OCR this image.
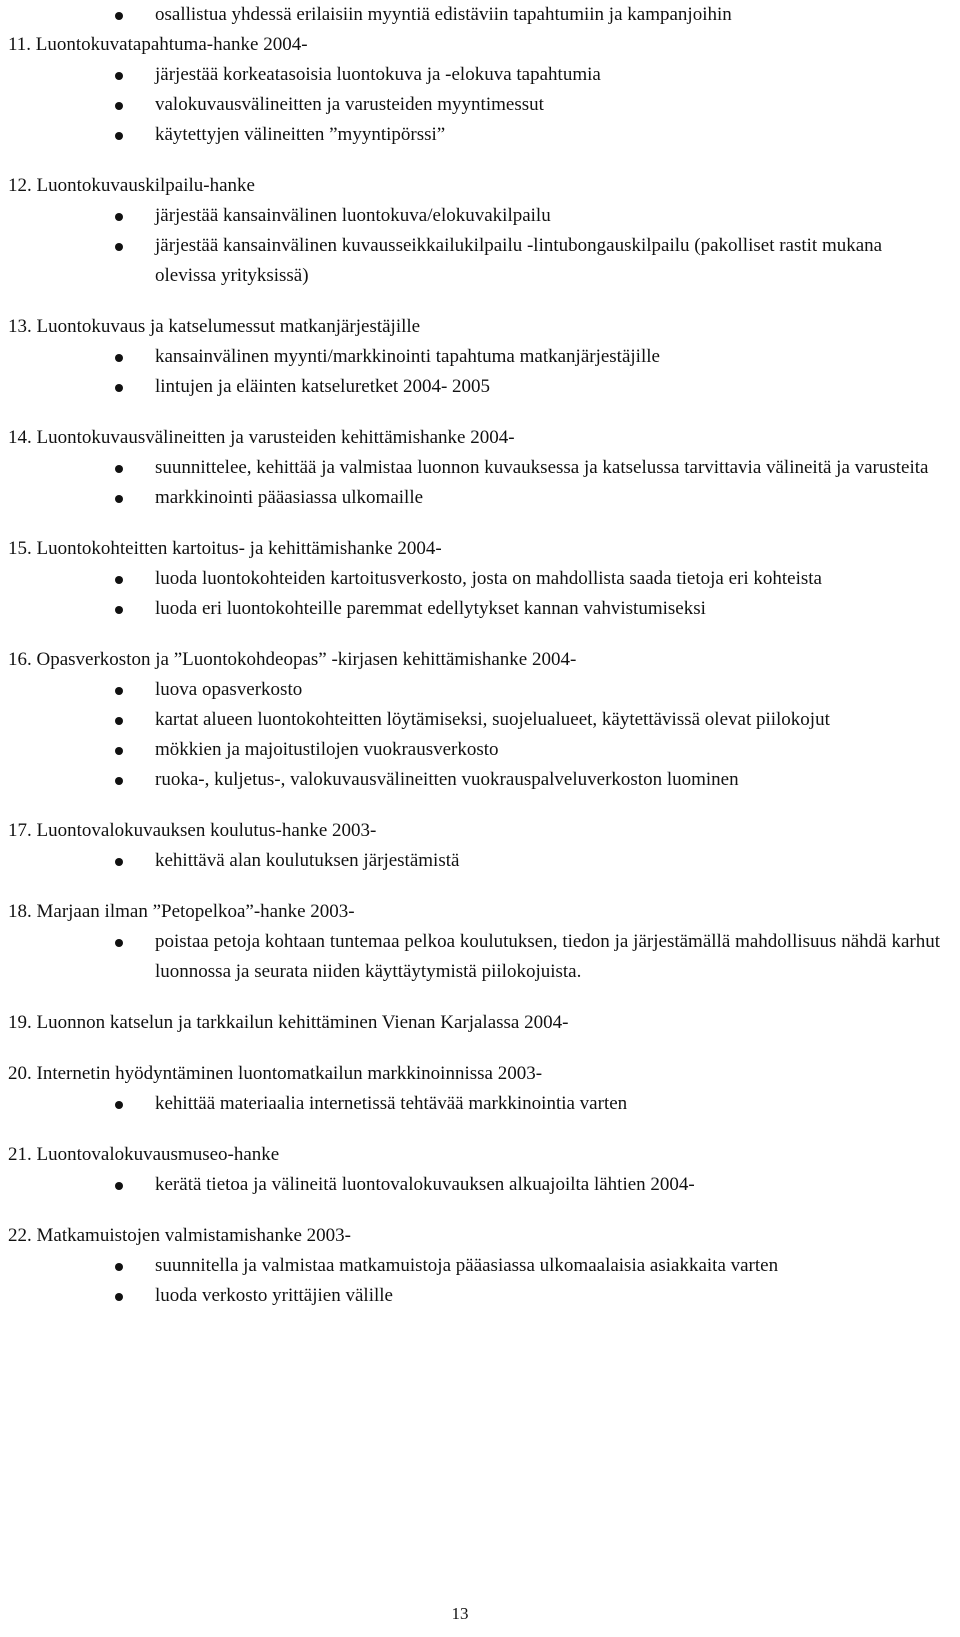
osallistua yhdessä erilaisiin myyntiä edistäviin tapahtumiin ja kampanjoihin
11. Luontokuvatapahtuma-hanke 2004-
järjestää korkeatasoisia luontokuva ja -elokuva tapahtumia
valokuvausvälineitten ja varusteiden myyntimessut
käytettyjen välineitten ”myyntipörssi”
12. Luontokuvauskilpailu-hanke
järjestää kansainvälinen luontokuva/elokuvakilpailu
järjestää kansainvälinen kuvausseikkailukilpailu -lintubongauskilpailu (pakolliset rastit mukana olevissa yrityksissä)
13. Luontokuvaus ja katselumessut matkanjärjestäjille
kansainvälinen myynti/markkinointi tapahtuma matkanjärjestäjille
lintujen ja eläinten katseluretket 2004- 2005
14. Luontokuvausvälineitten ja varusteiden kehittämishanke 2004-
suunnittelee, kehittää ja valmistaa luonnon kuvauksessa ja katselussa tarvittavia välineitä ja varusteita
markkinointi pääasiassa ulkomaille
15. Luontokohteitten kartoitus- ja kehittämishanke 2004-
luoda luontokohteiden kartoitusverkosto, josta on mahdollista saada tietoja eri kohteista
luoda eri luontokohteille paremmat edellytykset kannan vahvistumiseksi
16. Opasverkoston ja ”Luontokohdeopas” -kirjasen kehittämishanke 2004-
luova opasverkosto
kartat alueen luontokohteitten löytämiseksi, suojelualueet, käytettävissä olevat piilokojut
mökkien ja majoitustilojen vuokrausverkosto
ruoka-, kuljetus-, valokuvausvälineitten vuokrauspalveluverkoston luominen
17. Luontovalokuvauksen koulutus-hanke 2003-
kehittävä alan koulutuksen järjestämistä
18. Marjaan ilman ”Petopelkoa”-hanke 2003-
poistaa petoja kohtaan tuntemaa pelkoa koulutuksen, tiedon ja järjestämällä mahdollisuus nähdä karhut luonnossa ja seurata niiden käyttäytymistä piilokojuista.
19. Luonnon katselun ja tarkkailun kehittäminen Vienan Karjalassa 2004-
20. Internetin hyödyntäminen luontomatkailun markkinoinnissa 2003-
kehittää materiaalia internetissä tehtävää markkinointia varten
21. Luontovalokuvausmuseo-hanke
kerätä tietoa ja välineitä luontovalokuvauksen alkuajoilta lähtien 2004-
22. Matkamuistojen valmistamishanke 2003-
suunnitella ja valmistaa matkamuistoja pääasiassa ulkomaalaisia asiakkaita varten
luoda verkosto yrittäjien välille
13
